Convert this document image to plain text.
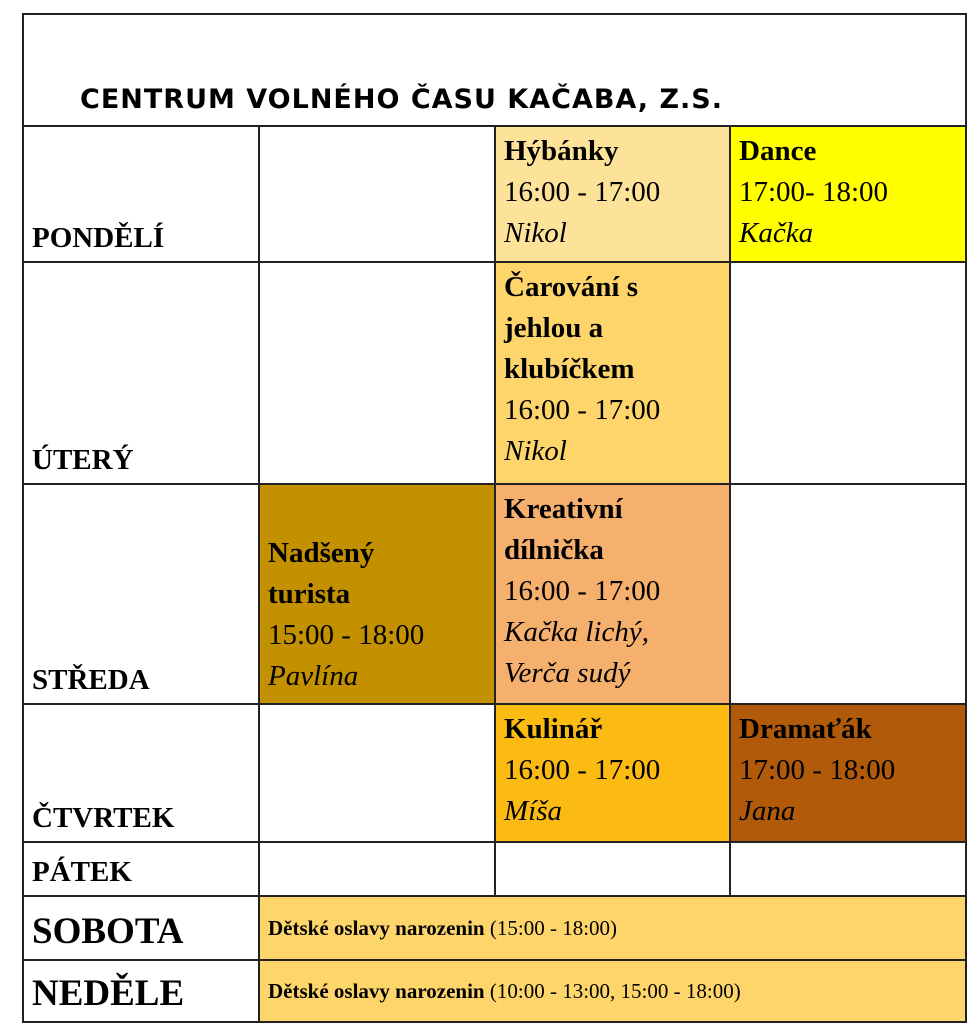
CENTRUM VOLNÉHO ČASU KAČABA, Z.S.			
PONDĚLÍ		Hýbánky
16:00 - 17:00
Nikol	Dance
17:00- 18:00
Kačka

ÚTERÝ		Čarování s
jehlou a
klubíčkem
16:00 - 17:00
Nikol	

STŘEDA	Nadšený
turista
15:00 - 18:00
Pavlína	Kreativní
dílnička
16:00 - 17:00
Kačka lichý,
Verča sudý	

ČTVRTEK		Kulinář
16:00 - 17:00
Míša	Dramaťák
17:00 - 18:00
Jana

PÁTEK			
SOBOTA	Dětské oslavy narozenin (15:00 - 18:00)		
NEDĚLE	Dětské oslavy narozenin (10:00 - 13:00, 15:00 - 18:00)		
